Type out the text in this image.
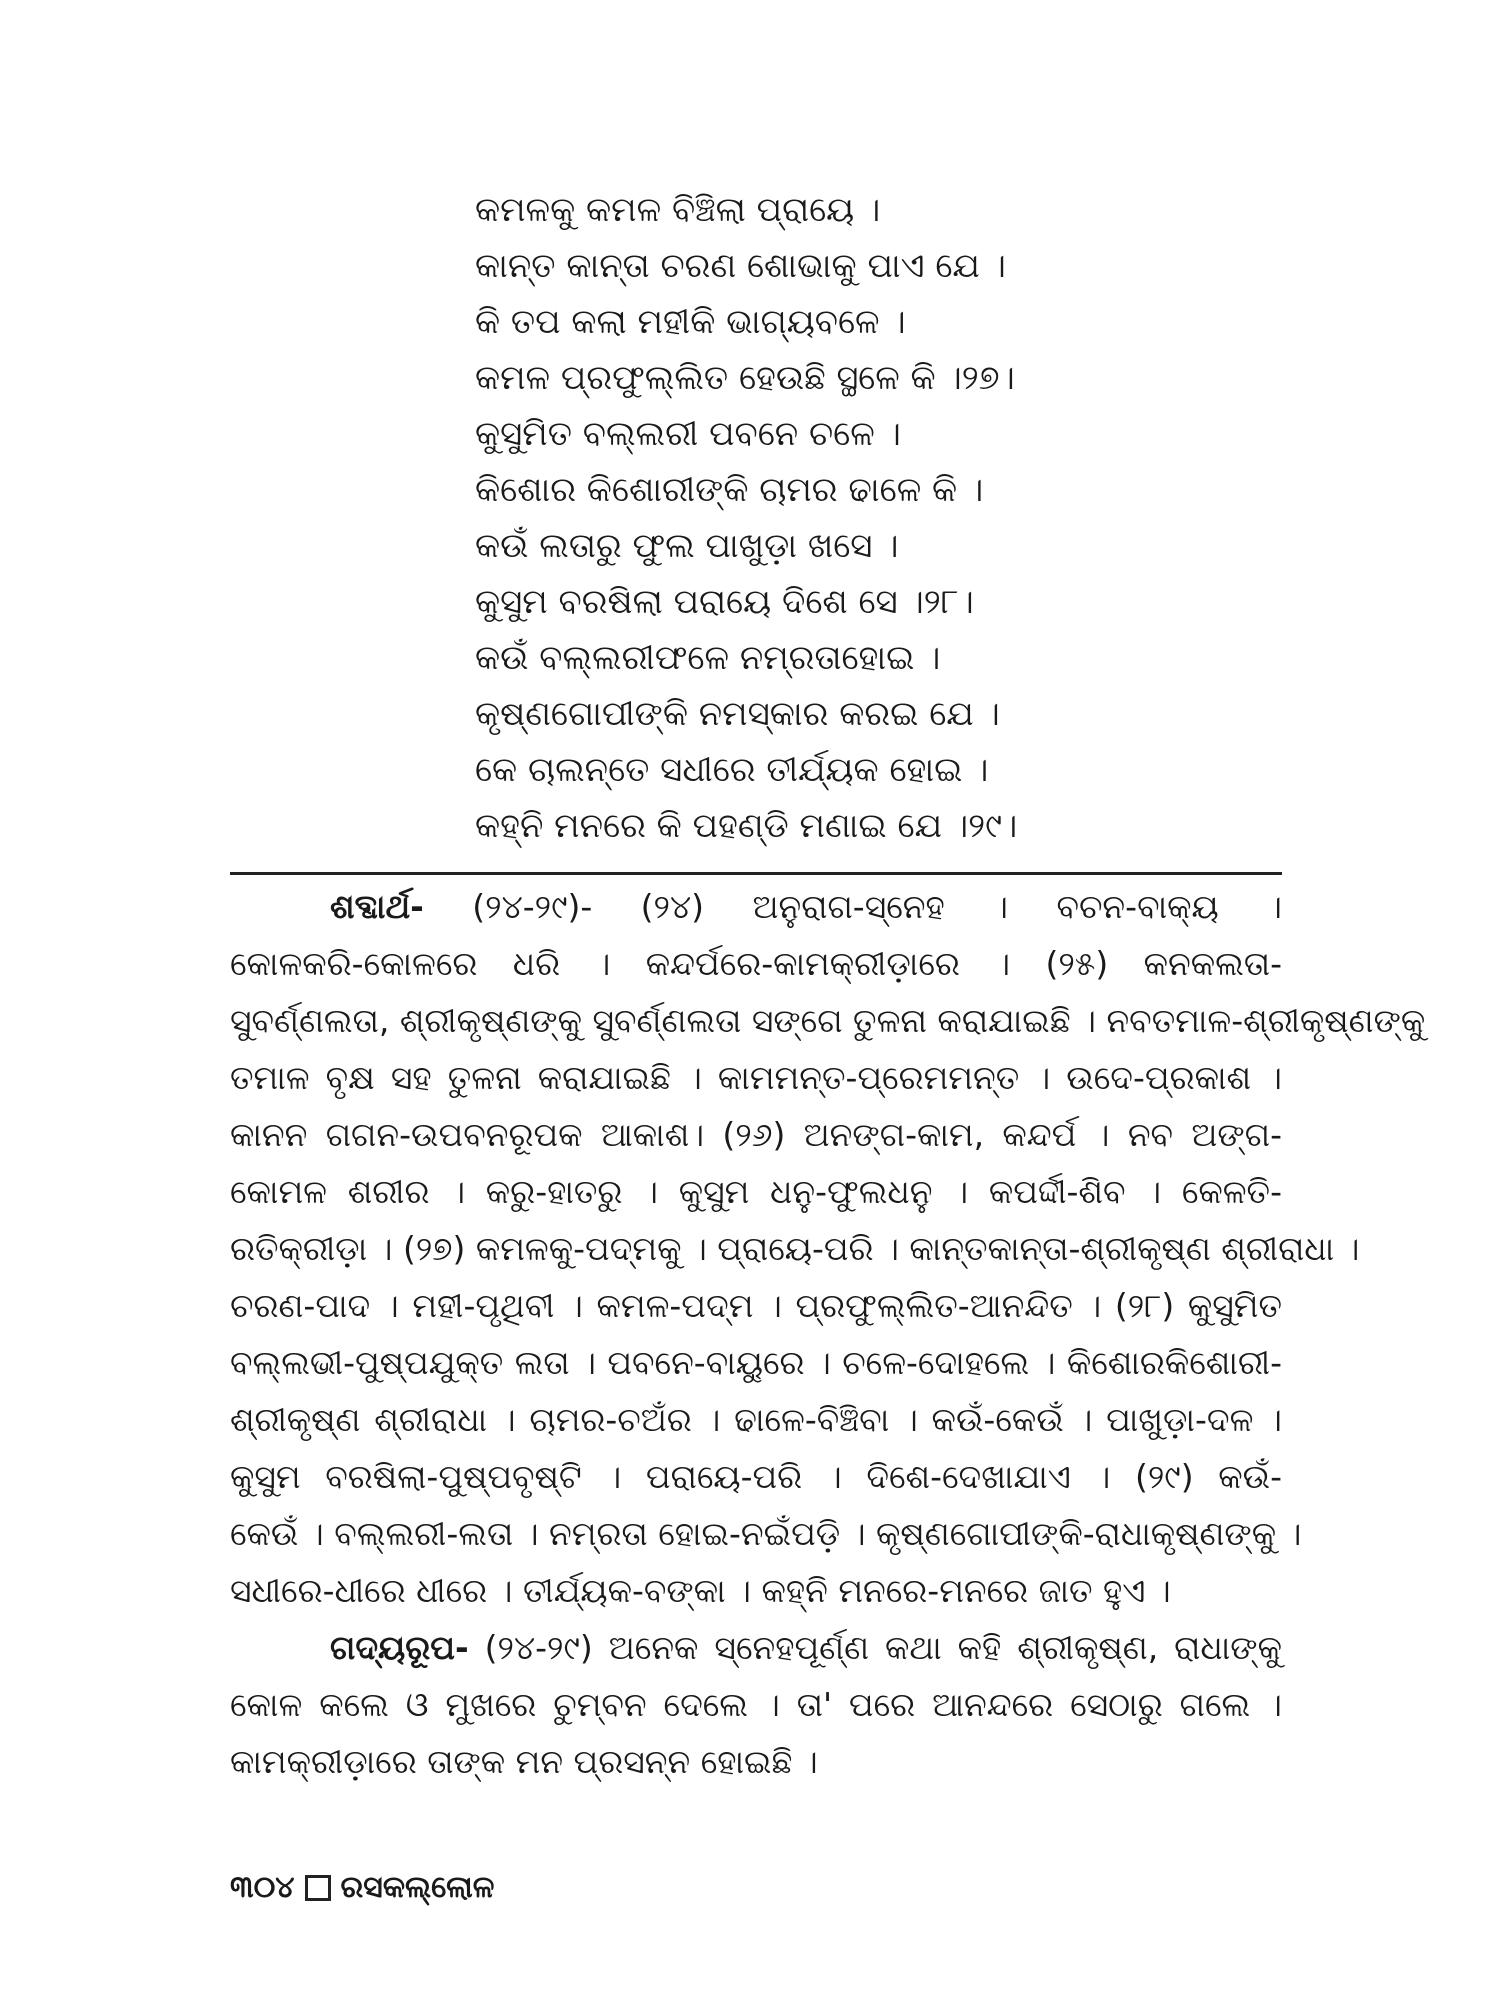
କମଳକୁ କମଳ ବିଞ୍ଚିଲା ପ୍ରାୟେ ।
କାନ୍ତ କାନ୍ତା ଚରଣ ଶୋଭାକୁ ପାଏ ଯେ ।
କି ତପ କଲା ମହୀକି ଭାଗ୍ୟବଳେ ।
କମଳ ପ୍ରଫୁଲ୍ଲିତ ହେଉଛି ସ୍ଥଳେ କି ।୨୭।
କୁସୁମିତ ବଲ୍ଲରୀ ପବନେ ଚଳେ ।
କିଶୋର କିଶୋରୀଙ୍କି ଚାମର ଢାଳେ କି ।
କଉଁ ଲତାରୁ ଫୁଲ ପାଖୁଡ଼ା ଖସେ ।
କୁସୁମ ବରଷିଲା ପରାୟେ ଦିଶେ ସେ ।୨୮।
କଉଁ ବଲ୍ଲରୀଫଳେ ନମ୍ରତାହୋଇ ।
କୃଷ୍ଣଗୋପୀଙ୍କି ନମସ୍କାର କରଇ ଯେ ।
କେ ଚାଲନ୍ତେ ସଧୀରେ ତୀର୍ଯ୍ୟକ ହୋଇ ।
କହ୍ନି ମନରେ କି ପହଣ୍ଡି ମଣାଇ ଯେ ।୨୯।
ଶବ୍ଦାର୍ଥ- (୨୪-୨୯)- (୨୪) ଅନୁରାଗ-ସ୍ନେହ । ବଚନ-ବାକ୍ୟ ।
କୋଳକରି-କୋଳରେ ଧରି । କନ୍ଦର୍ପରେ-କାମକ୍ରୀଡ଼ାରେ । (୨୫) କନକଲତା-
ସୁବର୍ଣ୍ଣଲତା, ଶ୍ରୀକୃଷ୍ଣଙ୍କୁ ସୁବର୍ଣ୍ଣଲତା ସଙ୍ଗେ ତୁଳନା କରାଯାଇଛି । ନବତମାଳ-ଶ୍ରୀକୃଷ୍ଣଙ୍କୁ
ତମାଳ ବୃକ୍ଷ ସହ ତୁଳନା କରାଯାଇଛି । କାମମନ୍ତ-ପ୍ରେମମନ୍ତ । ଉଦେ-ପ୍ରକାଶ ।
କାନନ ଗଗନ-ଉପବନରୂପକ ଆକାଶ। (୨୬) ଅନଙ୍ଗ-କାମ, କନ୍ଦର୍ପ । ନବ ଅଙ୍ଗ-
କୋମଳ ଶରୀର । କରୁ-ହାତରୁ । କୁସୁମ ଧନୁ-ଫୁଲଧନୁ । କପର୍ଦ୍ଦୀ-ଶିବ । କେଳତି-
ରତିକ୍ରୀଡ଼ା । (୨୭) କମଳକୁ-ପଦ୍ମକୁ । ପ୍ରାୟେ-ପରି । କାନ୍ତକାନ୍ତା-ଶ୍ରୀକୃଷ୍ଣ ଶ୍ରୀରାଧା ।
ଚରଣ-ପାଦ । ମହୀ-ପୃଥିବୀ । କମଳ-ପଦ୍ମ । ପ୍ରଫୁଲ୍ଲିତ-ଆନନ୍ଦିତ । (୨୮) କୁସୁମିତ
ବଲ୍ଲଭୀ-ପୁଷ୍ପଯୁକ୍ତ ଲତା । ପବନେ-ବାୟୁରେ । ଚଳେ-ଦୋହଲେ । କିଶୋରକିଶୋରୀ-
ଶ୍ରୀକୃଷ୍ଣ ଶ୍ରୀରାଧା । ଚାମର-ଚଅଁର । ଢାଳେ-ବିଞ୍ଚିବା । କଉଁ-କେଉଁ । ପାଖୁଡ଼ା-ଦଳ ।
କୁସୁମ ବରଷିଲା-ପୁଷ୍ପବୃଷ୍ଟି । ପରାୟେ-ପରି । ଦିଶେ-ଦେଖାଯାଏ । (୨୯) କଉଁ-
କେଉଁ । ବଲ୍ଲରୀ-ଲତା । ନମ୍ରତା ହୋଇ-ନଇଁପଡ଼ି । କୃଷ୍ଣଗୋପୀଙ୍କି-ରାଧାକୃଷ୍ଣଙ୍କୁ ।
ସଧୀରେ-ଧୀରେ ଧୀରେ । ତୀର୍ଯ୍ୟକ-ବଙ୍କା । କହ୍ନି ମନରେ-ମନରେ ଜାତ ହୁଏ ।
ଗଦ୍ୟରୂପ- (୨୪-୨୯) ଅନେକ ସ୍ନେହପୂର୍ଣ୍ଣ କଥା କହି ଶ୍ରୀକୃଷ୍ଣ, ରାଧାଙ୍କୁ
କୋଳ କଲେ ଓ ମୁଖରେ ଚୁମ୍ବନ ଦେଲେ । ତା' ପରେ ଆନନ୍ଦରେ ସେଠାରୁ ଗଲେ ।
କାମକ୍ରୀଡ଼ାରେ ତାଙ୍କ ମନ ପ୍ରସନ୍ନ ହୋଇଛି ।
୩୦୪ ରସକଲ୍ଲୋଳ
